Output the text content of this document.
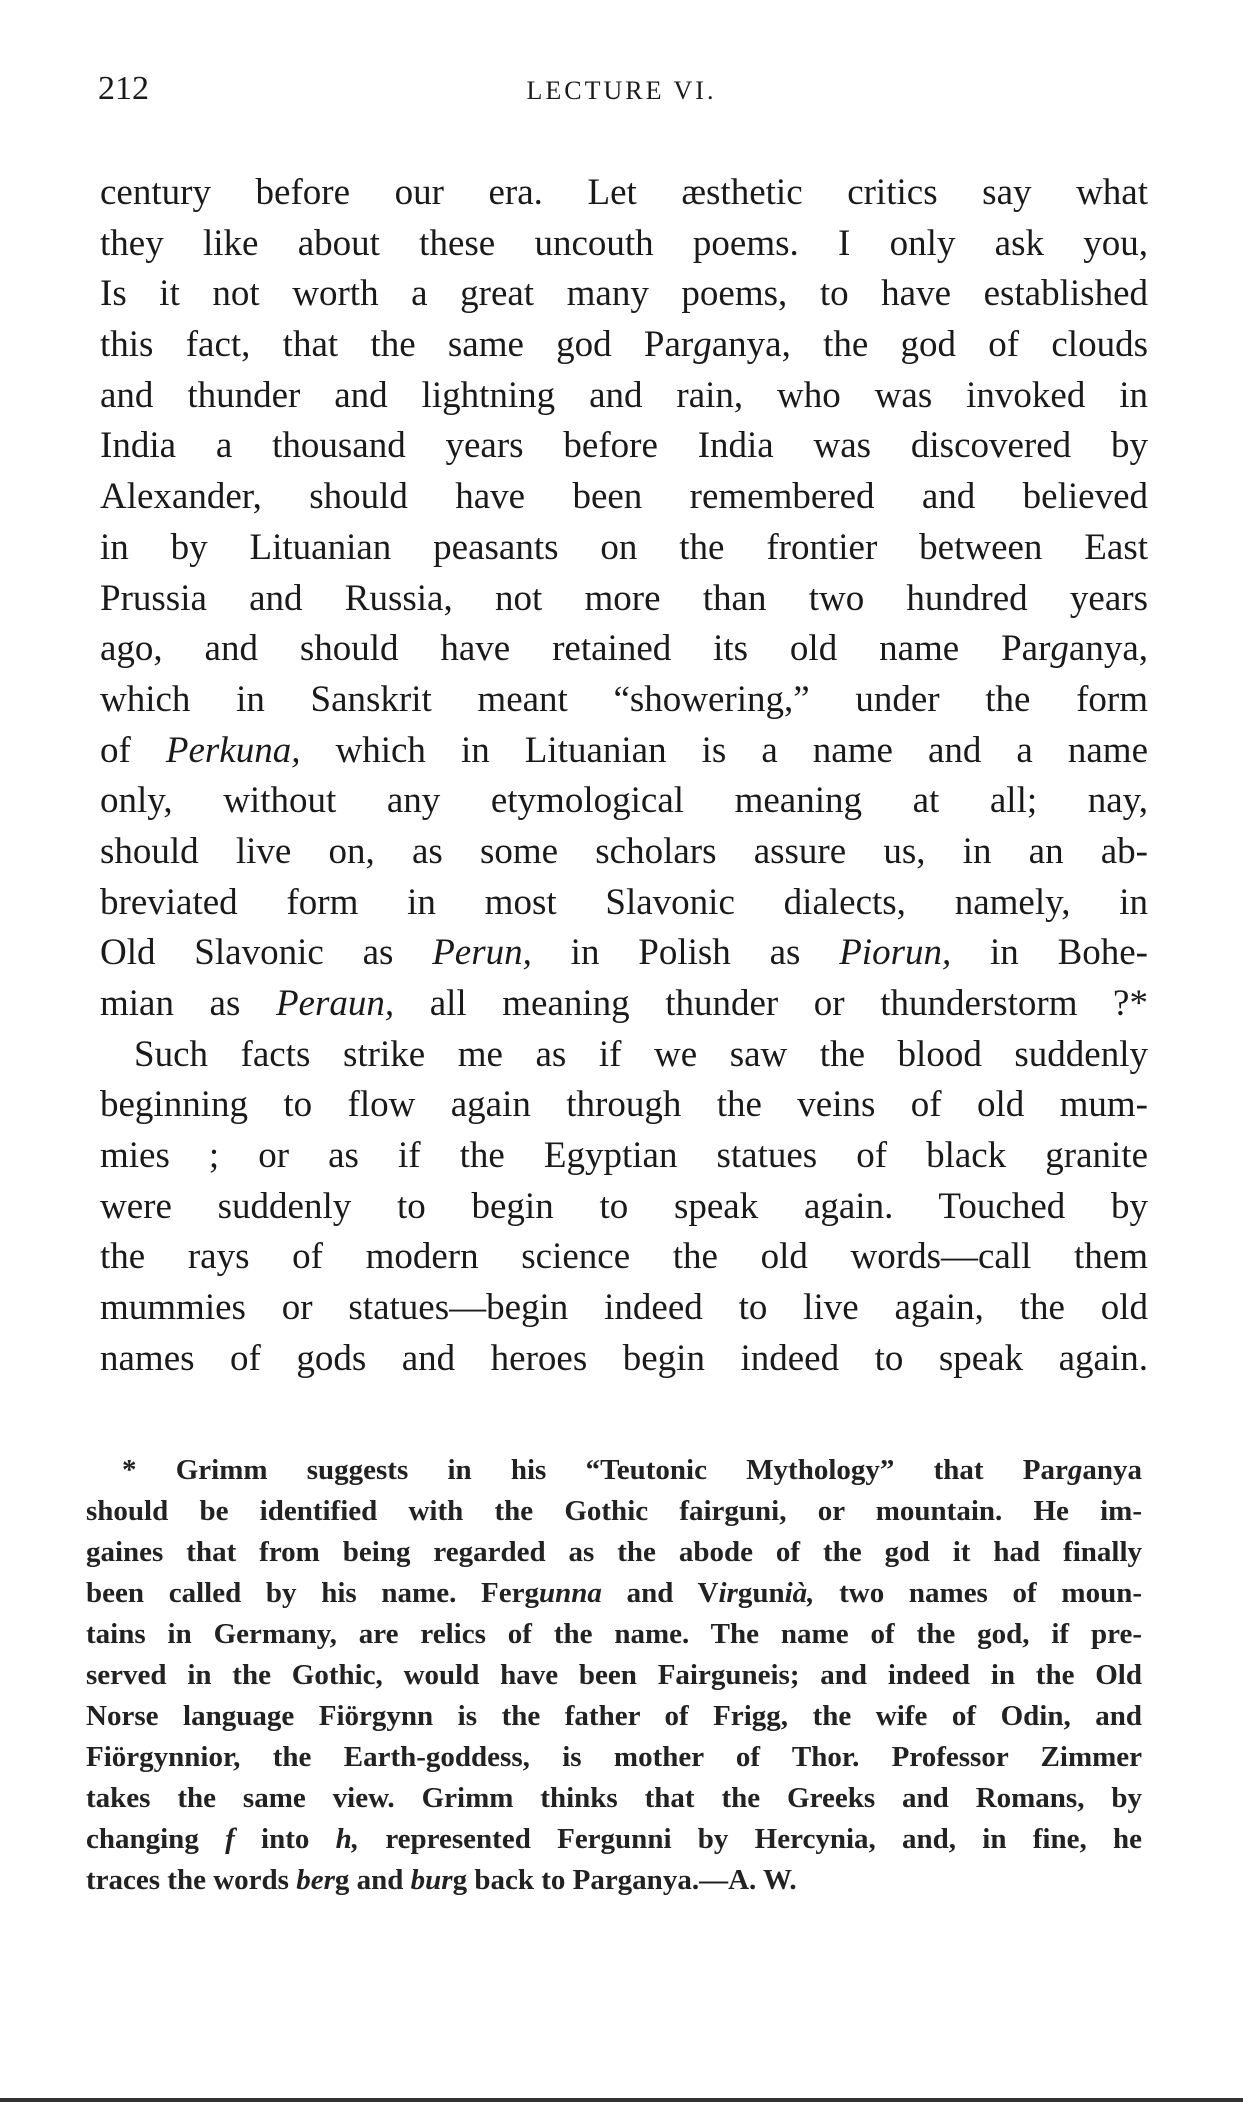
212	LECTURE VI.
century before our era. Let æsthetic critics say what
they like about these uncouth poems. I only ask you,
Is it not worth a great many poems, to have established
this fact, that the same god Parganya, the god of clouds
and thunder and lightning and rain, who was invoked in
India a thousand years before India was discovered by
Alexander, should have been remembered and believed
in by Lituanian peasants on the frontier between East
Prussia and Russia, not more than two hundred years
ago, and should have retained its old name Parganya,
which in Sanskrit meant “showering,” under the form
of Perkuna, which in Lituanian is a name and a name
only, without any etymological meaning at all; nay,
should live on, as some scholars assure us, in an ab-
breviated form in most Slavonic dialects, namely, in
Old Slavonic as Perun, in Polish as Piorun, in Bohe-
mian as Peraun, all meaning thunder or thunderstorm ?*
Such facts strike me as if we saw the blood suddenly
beginning to flow again through the veins of old mum-
mies ; or as if the Egyptian statues of black granite
were suddenly to begin to speak again. Touched by
the rays of modern science the old words—call them
mummies or statues—begin indeed to live again, the old
names of gods and heroes begin indeed to speak again.
* Grimm suggests in his “Teutonic Mythology” that Parganya
should be identified with the Gothic fairguni, or mountain. He im-
gaines that from being regarded as the abode of the god it had finally
been called by his name. Fergunna and Virgunià, two names of moun-
tains in Germany, are relics of the name. The name of the god, if pre-
served in the Gothic, would have been Fairguneis; and indeed in the Old
Norse language Fiörgynn is the father of Frigg, the wife of Odin, and
Fiörgynnior, the Earth-goddess, is mother of Thor. Professor Zimmer
takes the same view. Grimm thinks that the Greeks and Romans, by
changing f into h, represented Fergunni by Hercynia, and, in fine, he
traces the words berg and burg back to Parganya.—A. W.
